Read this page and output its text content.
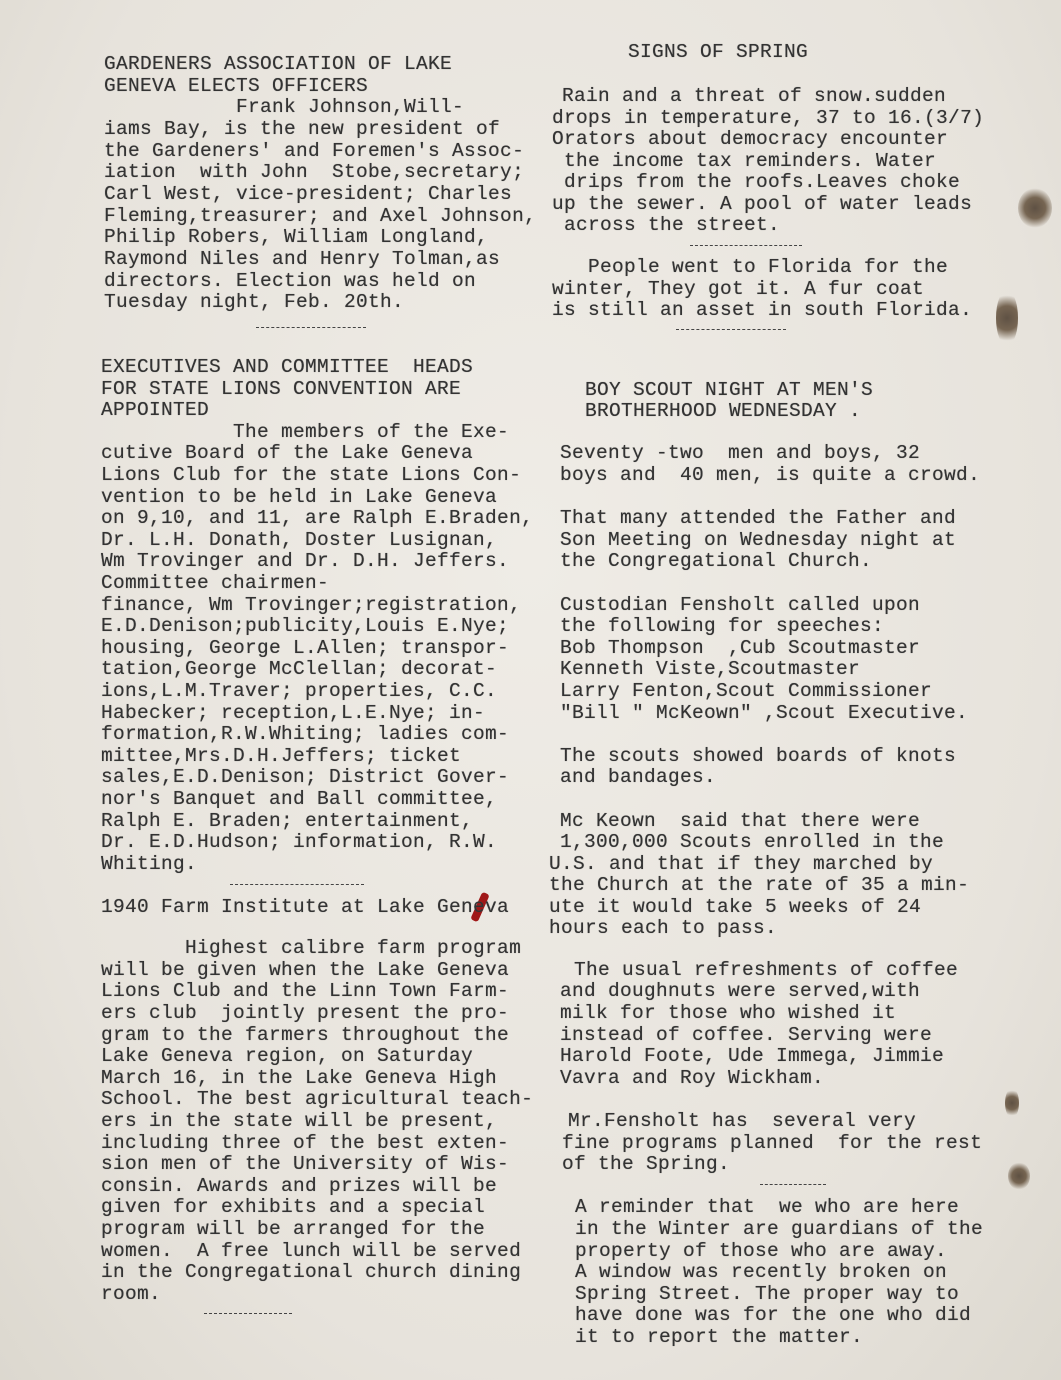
GARDENERS ASSOCIATION OF LAKE
GENEVA ELECTS OFFICERS
Frank Johnson,Will-
iams Bay, is the new president of
the Gardeners' and Foremen's Assoc-
iation  with John  Stobe,secretary;
Carl West, vice-president; Charles
Fleming,treasurer; and Axel Johnson,
Philip Robers, William Longland,
Raymond Niles and Henry Tolman,as
directors. Election was held on
Tuesday night, Feb. 20th.
EXECUTIVES AND COMMITTEE  HEADS
FOR STATE LIONS CONVENTION ARE
APPOINTED
The members of the Exe-
cutive Board of the Lake Geneva
Lions Club for the state Lions Con-
vention to be held in Lake Geneva
on 9,10, and 11, are Ralph E.Braden,
Dr. L.H. Donath, Doster Lusignan,
Wm Trovinger and Dr. D.H. Jeffers.
Committee chairmen-
finance, Wm Trovinger;registration,
E.D.Denison;publicity,Louis E.Nye;
housing, George L.Allen; transpor-
tation,George McClellan; decorat-
ions,L.M.Traver; properties, C.C.
Habecker; reception,L.E.Nye; in-
formation,R.W.Whiting; ladies com-
mittee,Mrs.D.H.Jeffers; ticket
sales,E.D.Denison; District Gover-
nor's Banquet and Ball committee,
Ralph E. Braden; entertainment,
Dr. E.D.Hudson; information, R.W.
Whiting.
1940 Farm Institute at Lake Geneva
Highest calibre farm program
will be given when the Lake Geneva
Lions Club and the Linn Town Farm-
ers club  jointly present the pro-
gram to the farmers throughout the
Lake Geneva region, on Saturday
March 16, in the Lake Geneva High
School. The best agricultural teach-
ers in the state will be present,
including three of the best exten-
sion men of the University of Wis-
consin. Awards and prizes will be
given for exhibits and a special
program will be arranged for the
women.  A free lunch will be served
in the Congregational church dining
room.
SIGNS OF SPRING
Rain and a threat of snow.sudden
drops in temperature, 37 to 16.(3/7)
Orators about democracy encounter
the income tax reminders. Water
drips from the roofs.Leaves choke
up the sewer. A pool of water leads
across the street.
People went to Florida for the
winter, They got it. A fur coat
is still an asset in south Florida.
BOY SCOUT NIGHT AT MEN'S
BROTHERHOOD WEDNESDAY .
Seventy -two  men and boys, 32
boys and  40 men, is quite a crowd.
That many attended the Father and
Son Meeting on Wednesday night at
the Congregational Church.
Custodian Fensholt called upon
the following for speeches:
Bob Thompson  ,Cub Scoutmaster
Kenneth Viste,Scoutmaster
Larry Fenton,Scout Commissioner
"Bill " McKeown" ,Scout Executive.
The scouts showed boards of knots
and bandages.
Mc Keown  said that there were
1,300,000 Scouts enrolled in the
U.S. and that if they marched by
the Church at the rate of 35 a min-
ute it would take 5 weeks of 24
hours each to pass.
The usual refreshments of coffee
and doughnuts were served,with
milk for those who wished it
instead of coffee. Serving were
Harold Foote, Ude Immega, Jimmie
Vavra and Roy Wickham.
Mr.Fensholt has  several very
fine programs planned  for the rest
of the Spring.
A reminder that  we who are here
in the Winter are guardians of the
property of those who are away.
A window was recently broken on
Spring Street. The proper way to
have done was for the one who did
it to report the matter.
